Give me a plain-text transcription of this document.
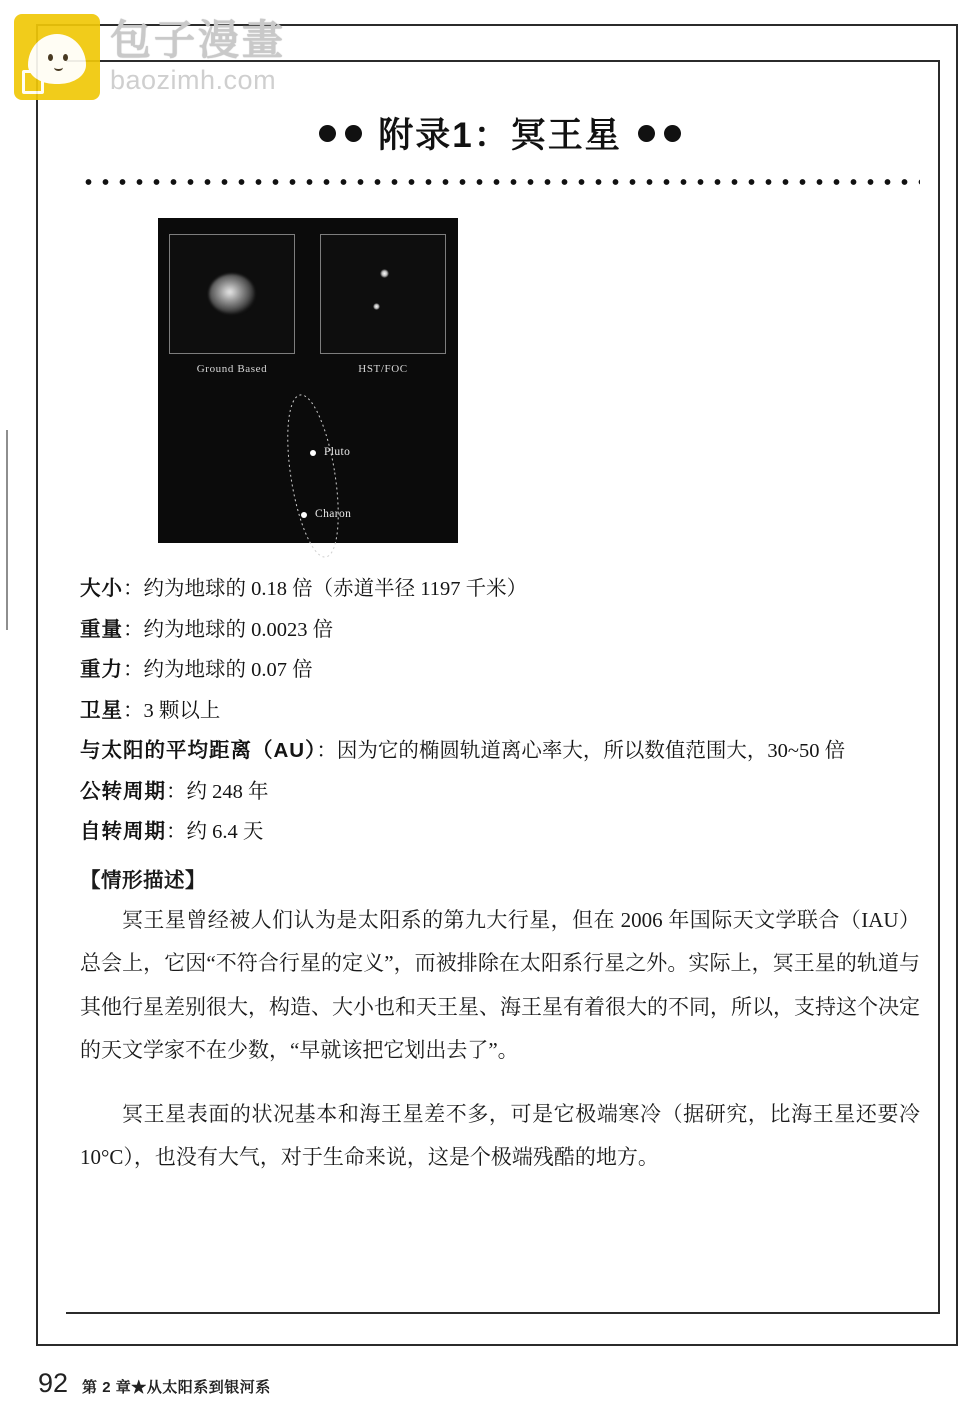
包子漫畫
baozimh.com
附录1：冥王星
Ground Based	HST/FOC
Pluto
Charon
大小：约为地球的 0.18 倍（赤道半径 1197 千米）
重量：约为地球的 0.0023 倍
重力：约为地球的 0.07 倍
卫星：3 颗以上
与太阳的平均距离（AU）：因为它的椭圆轨道离心率大，所以数值范围大，30~50 倍
公转周期：约 248 年
自转周期：约 6.4 天
【情形描述】

冥王星曾经被人们认为是太阳系的第九大行星，但在 2006 年国际天文学联合（IAU）总会上，它因“不符合行星的定义”，而被排除在太阳系行星之外。实际上，冥王星的轨道与其他行星差别很大，构造、大小也和天王星、海王星有着很大的不同，所以，支持这个决定的天文学家不在少数，“早就该把它划出去了”。

冥王星表面的状况基本和海王星差不多，可是它极端寒冷（据研究，比海王星还要冷 10°C），也没有大气，对于生命来说，这是个极端残酷的地方。

92 第 2 章★从太阳系到银河系
